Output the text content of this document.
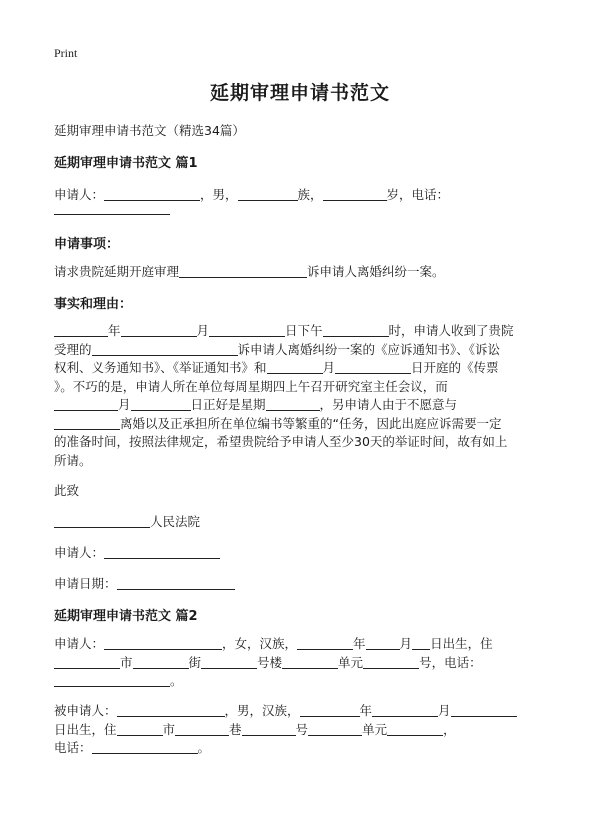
Print
延期审理申请书范文
延期审理申请书范文（精选34篇）
延期审理申请书范文 篇1
申请人：	，男，	族，	岁，电话：
申请事项：
请求贵院延期开庭审理	诉申请人离婚纠纷一案。
事实和理由：
年	月	日下午	时，申请人收到了贵院
受理的	诉申请人离婚纠纷一案的《应诉通知书》、《诉讼
权利、义务通知书》、《举证通知书》和	月	日开庭的《传票
》。不巧的是，申请人所在单位每周星期四上午召开研究室主任会议，而
月	日正好是星期	，另申请人由于不愿意与
离婚以及正承担所在单位编书等繁重的“任务，因此出庭应诉需要一定
的准备时间，按照法律规定，希望贵院给予申请人至少30天的举证时间，故有如上
所请。
此致
人民法院
申请人：
申请日期：
延期审理申请书范文 篇2
申请人：	，女，汉族，	年	月 日出生，住
市	街	号楼	单元	号，电话：
。
被申请人：	，男，汉族，	年	月
日出生，住	市	巷	号	单元	，
电话：	。
